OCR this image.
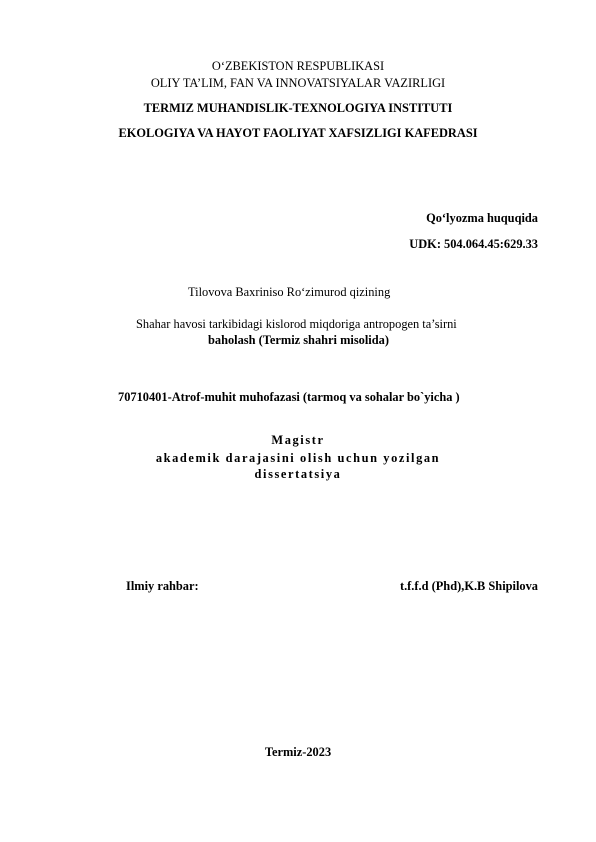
O‘ZBEKISTON RESPUBLIKASI
OLIY TA’LIM, FAN VA INNOVATSIYALAR VAZIRLIGI
TERMIZ MUHANDISLIK-TEXNOLOGIYA INSTITUTI
EKOLOGIYA VA HAYOT FAOLIYAT XAFSIZLIGI KAFEDRASI
Qo‘lyozma huquqida
UDK: 504.064.45:629.33
Tilovova Baxriniso Ro‘zimurod qizining
Shahar havosi tarkibidagi kislorod miqdoriga antropogen ta’sirni
baholash (Termiz shahri misolida)
70710401-Atrof-muhit muhofazasi (tarmoq va sohalar bo`yicha )
Magistr
akademik darajasini olish uchun yozilgan
dissertatsiya
Ilmiy rahbar:	t.f.f.d (Phd),K.B Shipilova
Termiz-2023
